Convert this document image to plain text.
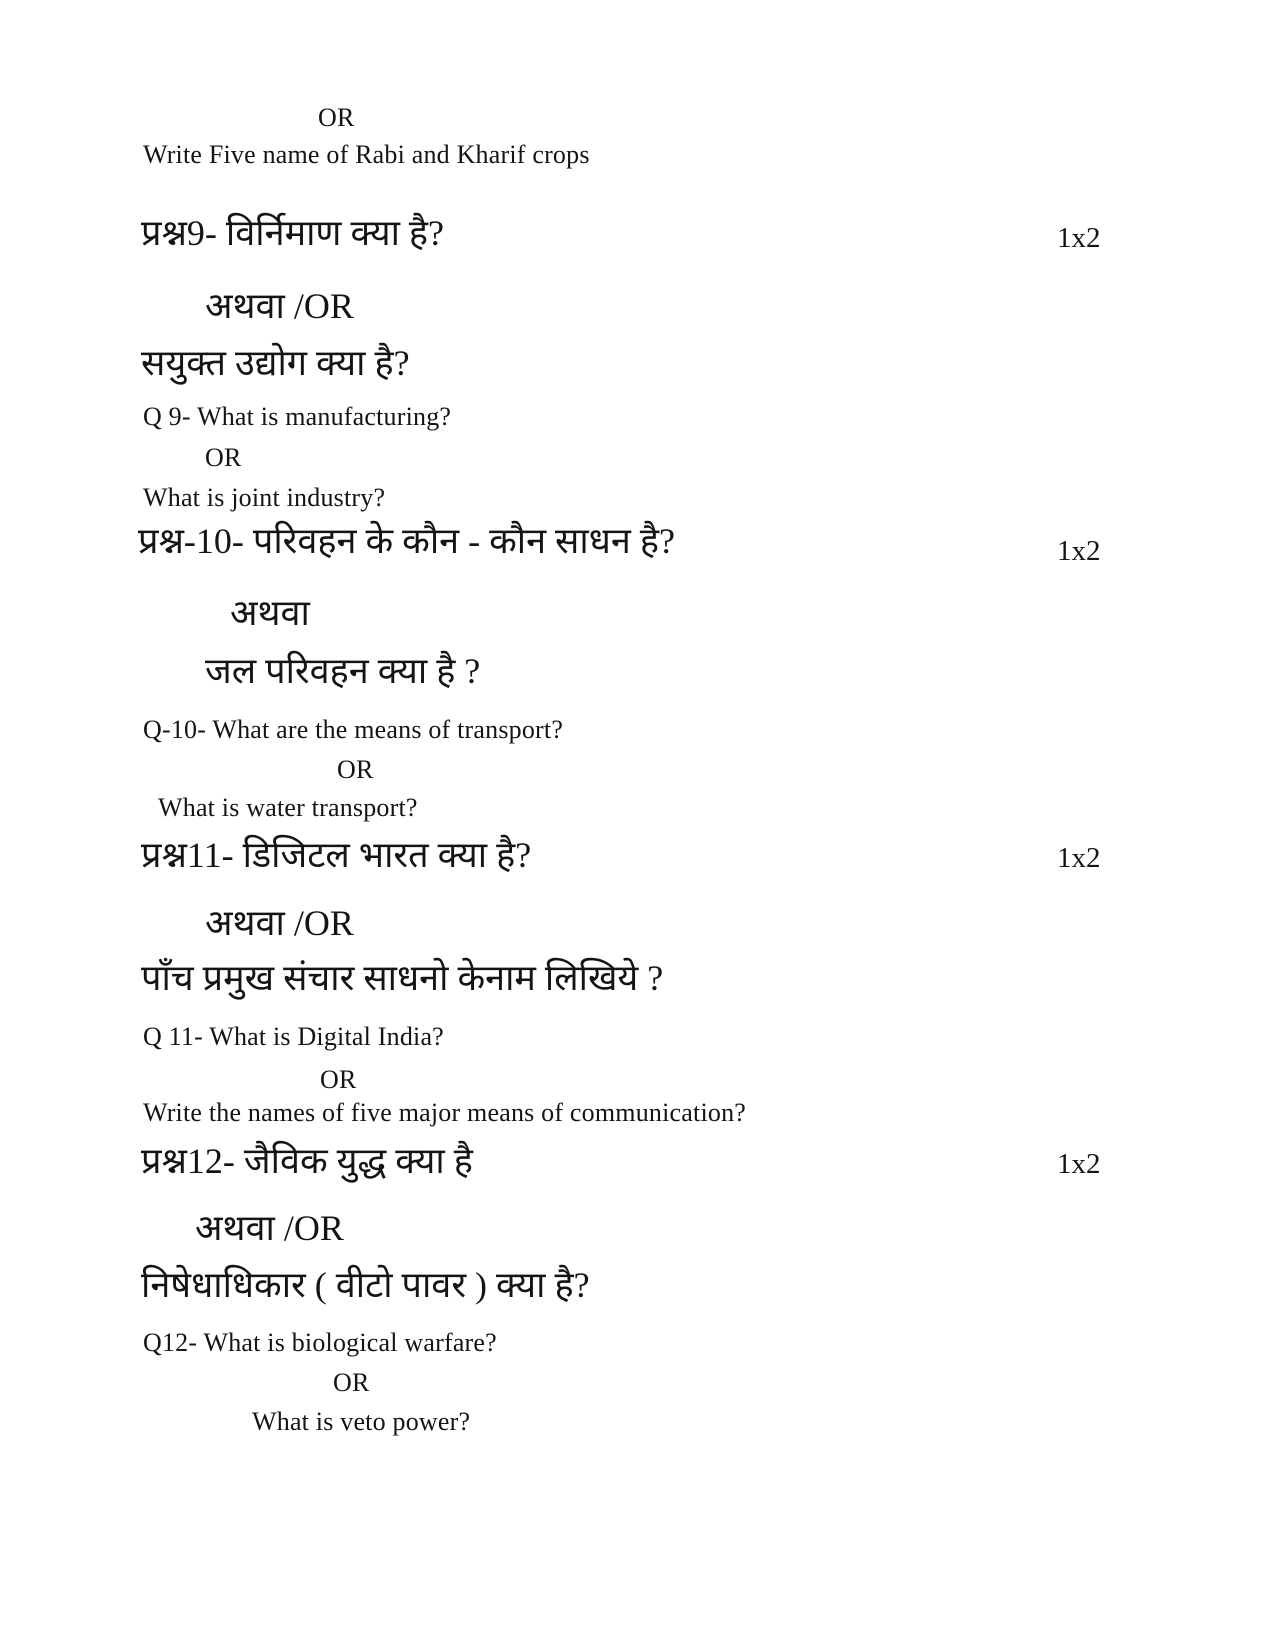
OR
Write Five name of Rabi and Kharif crops
प्रश्न9- विर्निमाण क्या है?	1x2
अथवा /OR
सयुक्त उद्योग क्या है?
Q 9- What is manufacturing?
OR
What is joint industry?
प्रश्न-10- परिवहन के कौन - कौन साधन है?	1x2
अथवा
जल परिवहन क्या है ?
Q-10- What are the means of transport?
OR
What is water transport?
प्रश्न11- डिजिटल भारत क्या है?	1x2
अथवा /OR
पाँच प्रमुख संचार साधनो केनाम लिखिये ?
Q 11- What is Digital India?
OR
Write the names of five major means of communication?
प्रश्न12- जैविक युद्ध क्या है	1x2
अथवा /OR
निषेधाधिकार ( वीटो पावर ) क्या है?
Q12- What is biological warfare?
OR
What is veto power?
